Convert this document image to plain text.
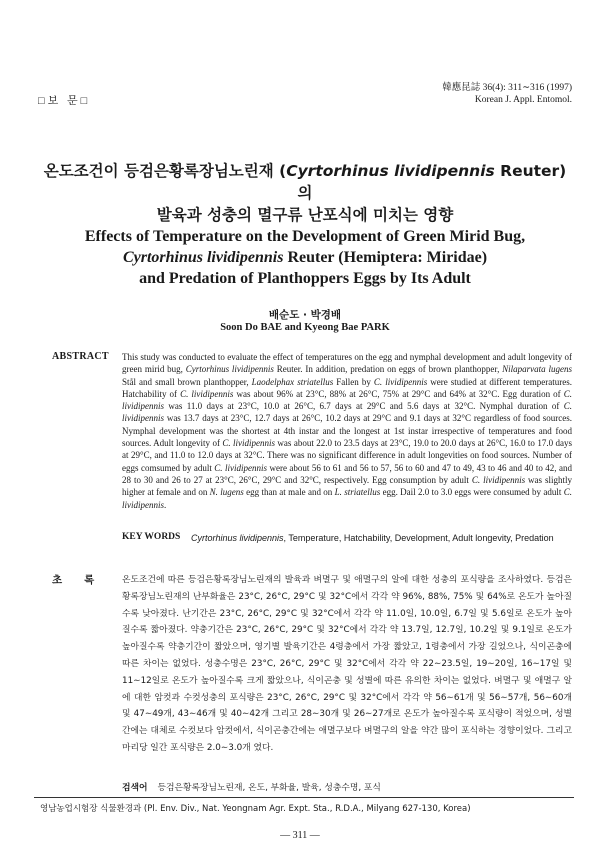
□보 문□
韓應昆誌 36(4): 311∼316 (1997)
Korean J. Appl. Entomol.
온도조건이 등검은황록장님노린재 (Cyrtorhinus lividipennis Reuter)의
발육과 성충의 멸구류 난포식에 미치는 영향
Effects of Temperature on the Development of Green Mirid Bug,
Cyrtorhinus lividipennis Reuter (Hemiptera: Miridae)
and Predation of Planthoppers Eggs by Its Adult
배순도 · 박경배
Soon Do BAE and Kyeong Bae PARK
ABSTRACT This study was conducted to evaluate the effect of temperatures on the egg and nymphal development and adult longevity of green mirid bug, Cyrtorhinus lividipennis Reuter. In addition, predation on eggs of brown planthopper, Nilaparvata lugens Stål and small brown planthopper, Laodelphax striatellus Fallen by C. lividipennis were studied at different temperatures. Hatchability of C. lividipennis was about 96% at 23°C, 88% at 26°C, 75% at 29°C and 64% at 32°C. Egg duration of C. lividipennis was 11.0 days at 23°C, 10.0 at 26°C, 6.7 days at 29°C and 5.6 days at 32°C. Nymphal duration of C. lividipennis was 13.7 days at 23°C, 12.7 days at 26°C, 10.2 days at 29°C and 9.1 days at 32°C regardless of food sources. Nymphal development was the shortest at 4th instar and the longest at 1st instar irrespective of temperatures and food sources. Adult longevity of C. lividipennis was about 22.0 to 23.5 days at 23°C, 19.0 to 20.0 days at 26°C, 16.0 to 17.0 days at 29°C, and 11.0 to 12.0 days at 32°C. There was no significant difference in adult longevities on food sources. Number of eggs comsumed by adult C. lividipennis were about 56 to 61 and 56 to 57, 56 to 60 and 47 to 49, 43 to 46 and 40 to 42, and 28 to 30 and 26 to 27 at 23°C, 26°C, 29°C and 32°C, respectively. Egg consumption by adult C. lividipennis was slightly higher at female and on N. lugens egg than at male and on L. striatellus egg. Dail 2.0 to 3.0 eggs were consumed by adult C. lividipennis.
KEY WORDS Cyrtorhinus lividipennis, Temperature, Hatchability, Development, Adult longevity, Predation
초록 온도조건에 따른 등검은황록장님노린재의 발육과 벼멸구 및 애멸구의 알에 대한 성충의 포식량을 조사하였다. 등검은황록장님노린재의 난부화율은 23°C, 26°C, 29°C 및 32°C에서 각각 약 96%, 88%, 75% 및 64%로 온도가 높아질수록 낮아졌다. 난기간은 23°C, 26°C, 29°C 및 32°C에서 각각 약 11.0일, 10.0일, 6.7일 및 5.6일로 온도가 높아질수록 짧아졌다. 약충기간은 23°C, 26°C, 29°C 및 32°C에서 각각 약 13.7일, 12.7일, 10.2일 및 9.1일로 온도가 높아질수록 약충기간이 짧았으며, 영기별 발육기간은 4령충에서 가장 짧았고, 1령충에서 가장 길었으나, 식이곤충에 따른 차이는 없었다. 성충수명은 23°C, 26°C, 29°C 및 32°C에서 각각 약 22∼23.5일, 19∼20일, 16∼17일 및 11∼12일로 온도가 높아질수록 크게 짧았으나, 식이곤충 및 성별에 따른 유의한 차이는 없었다. 벼멸구 및 애멸구 알에 대한 암컷과 수컷성충의 포식량은 23°C, 26°C, 29°C 및 32°C에서 각각 약 56∼61개 및 56∼57개, 56∼60개 및 47∼49개, 43∼46개 및 40∼42개 그리고 28∼30개 및 26∼27개로 온도가 높아질수록 포식량이 적었으며, 성별간에는 대체로 수컷보다 암컷에서, 식이곤충간에는 애멸구보다 벼멸구의 알을 약간 많이 포식하는 경향이었다. 그리고 마리당 일간 포식량은 2.0∼3.0개 였다.
검색어 등검은황록장님노린재, 온도, 부화율, 발육, 성충수명, 포식
영남농업시험장 식물환경과 (Pl. Env. Div., Nat. Yeongnam Agr. Expt. Sta., R.D.A., Milyang 627-130, Korea)
— 311 —
